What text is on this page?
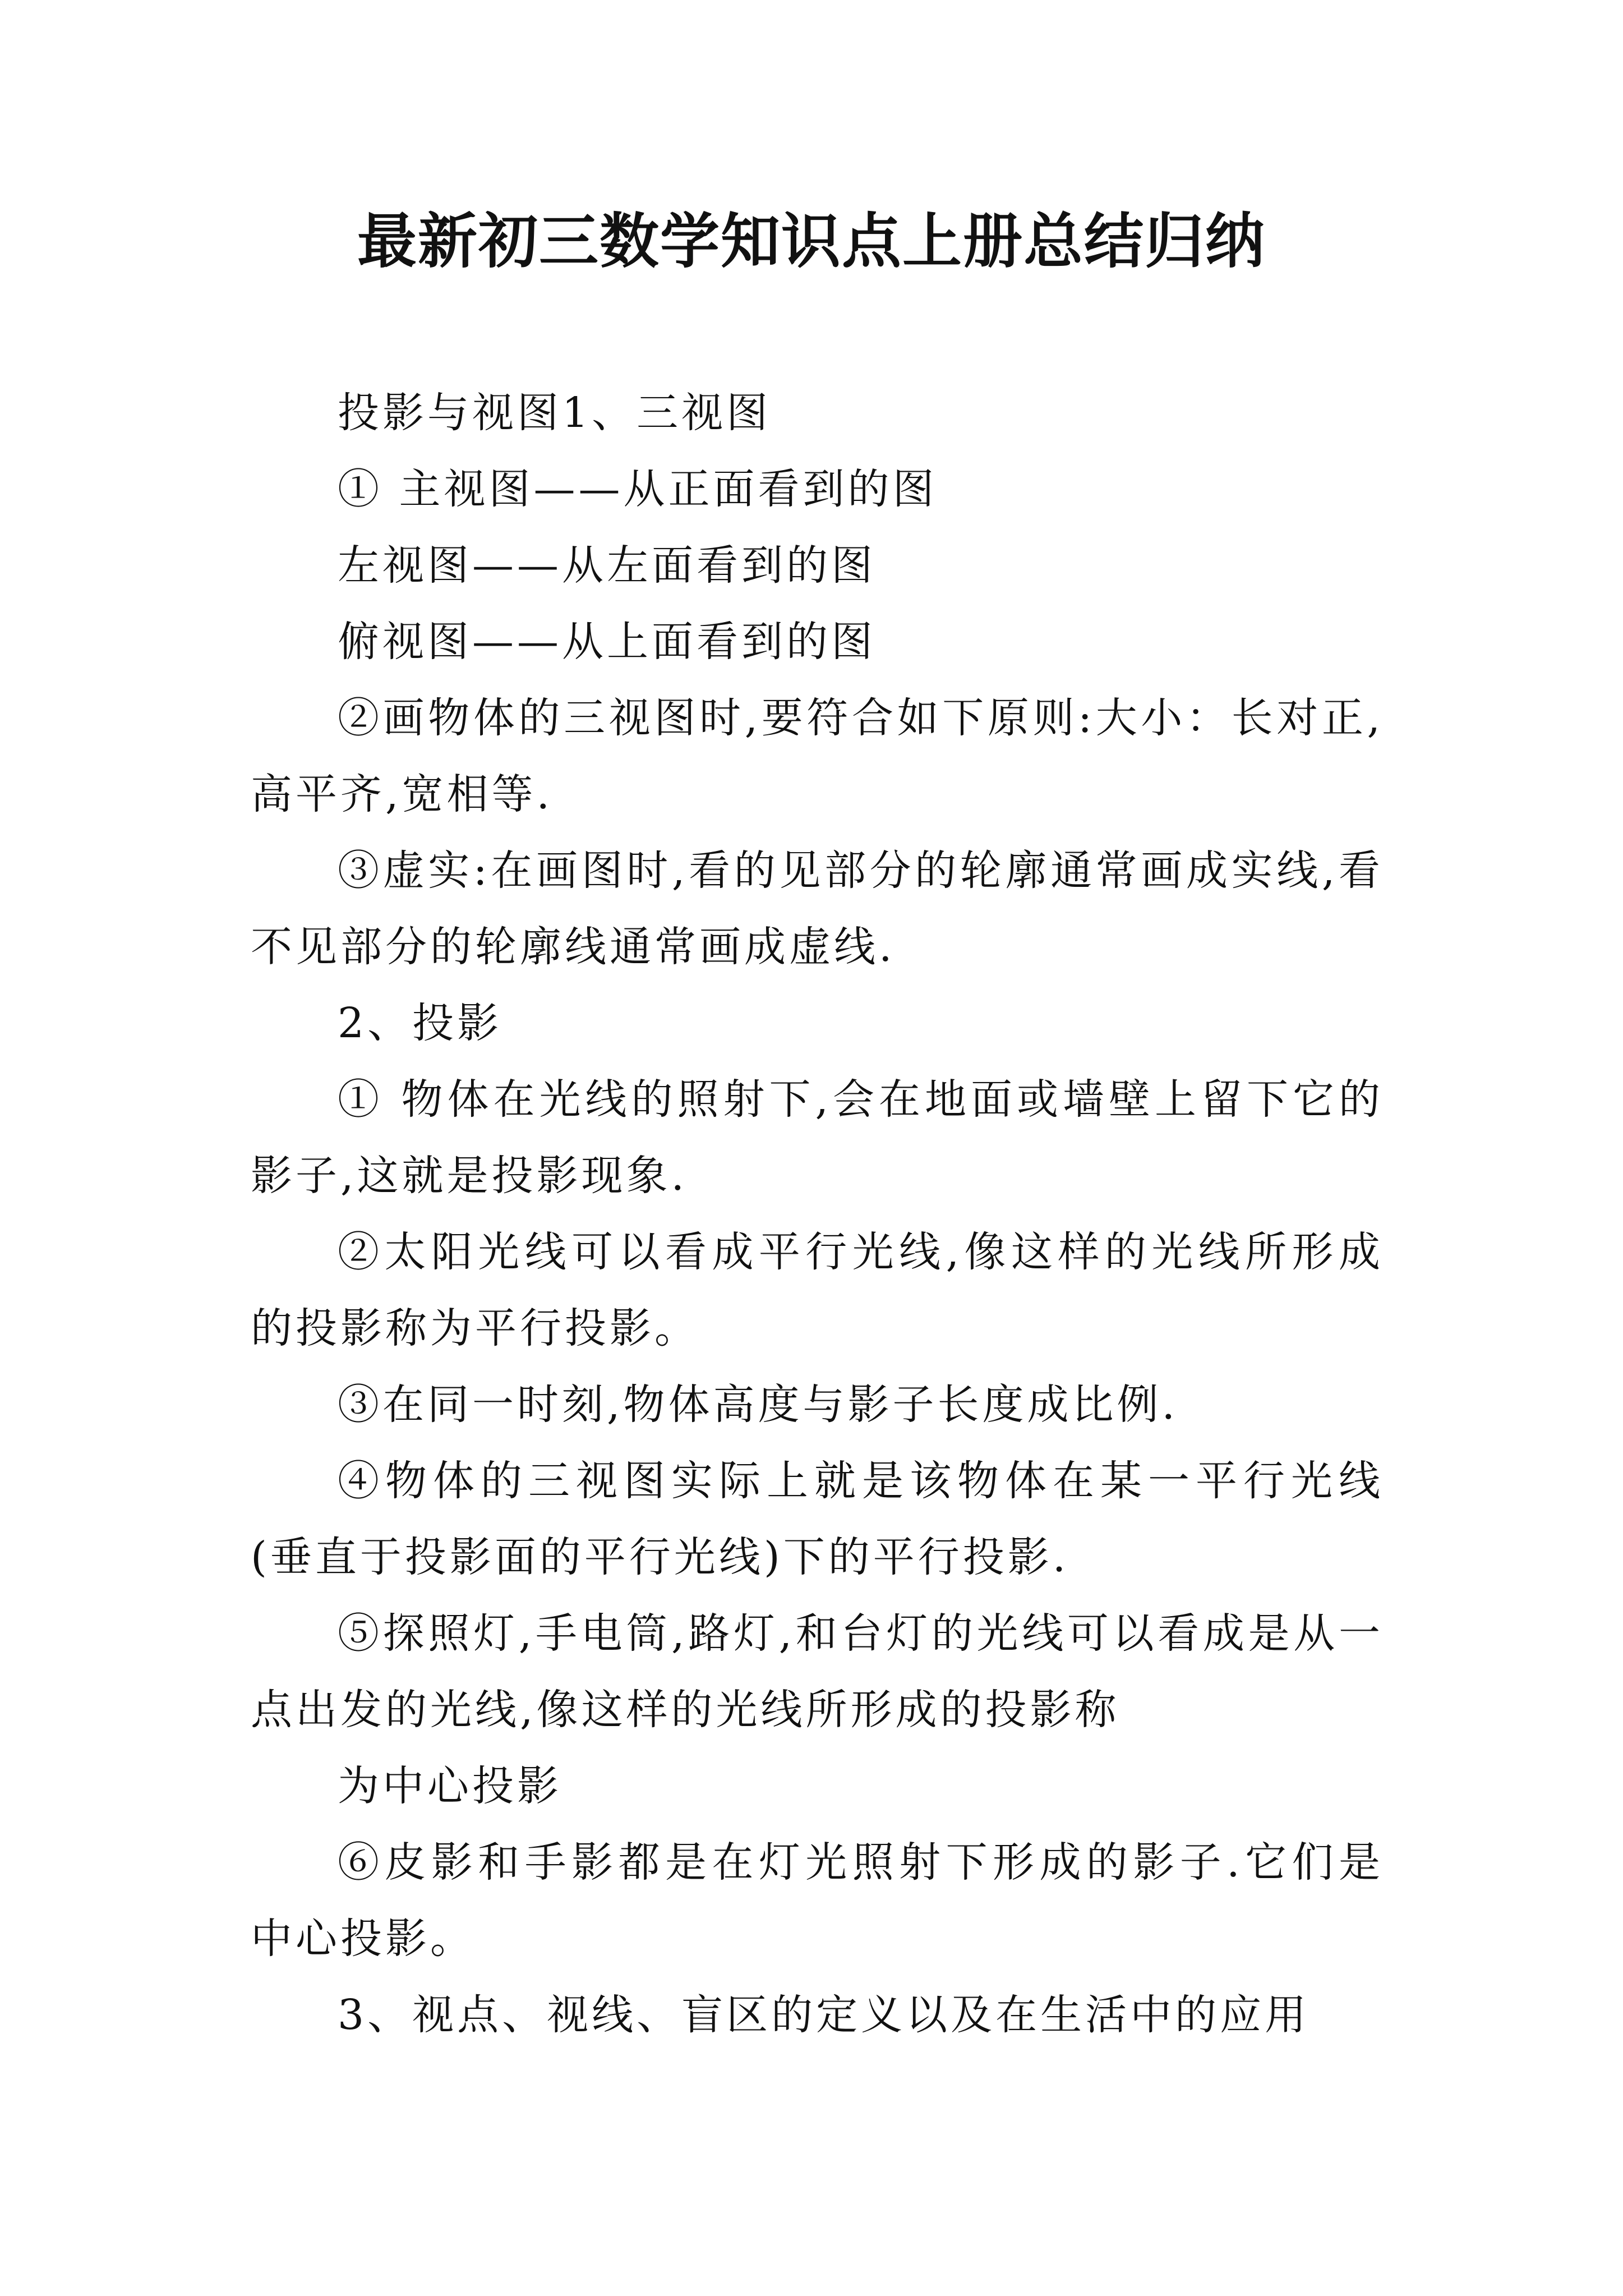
最新初三数学知识点上册总结归纳

投影与视图1、三视图

① 主视图——从正面看到的图

左视图——从左面看到的图

俯视图——从上面看到的图

②画物体的三视图时,要符合如下原则:大小：长对正,高平齐,宽相等.

③虚实:在画图时,看的见部分的轮廓通常画成实线,看不见部分的轮廓线通常画成虚线.

2、投影

① 物体在光线的照射下,会在地面或墙壁上留下它的影子,这就是投影现象.

②太阳光线可以看成平行光线,像这样的光线所形成的投影称为平行投影。

③在同一时刻,物体高度与影子长度成比例.

④物体的三视图实际上就是该物体在某一平行光线(垂直于投影面的平行光线)下的平行投影.

⑤探照灯,手电筒,路灯,和台灯的光线可以看成是从一点出发的光线,像这样的光线所形成的投影称

为中心投影

⑥皮影和手影都是在灯光照射下形成的影子.它们是中心投影。

3、视点、视线、盲区的定义以及在生活中的应用
